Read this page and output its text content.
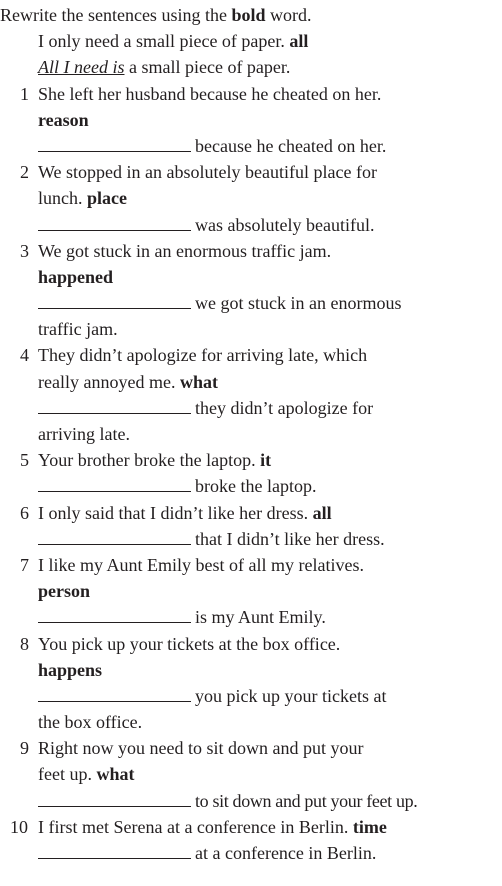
Rewrite the sentences using the bold word.
I only need a small piece of paper. all
All I need is a small piece of paper.
1 She left her husband because he cheated on her.
reason
because he cheated on her.
2 We stopped in an absolutely beautiful place for
lunch. place
was absolutely beautiful.
3 We got stuck in an enormous traffic jam.
happened
we got stuck in an enormous
traffic jam.
4 They didn’t apologize for arriving late, which
really annoyed me. what
they didn’t apologize for
arriving late.
5 Your brother broke the laptop. it
broke the laptop.
6 I only said that I didn’t like her dress. all
that I didn’t like her dress.
7 I like my Aunt Emily best of all my relatives.
person
is my Aunt Emily.
8 You pick up your tickets at the box office.
happens
you pick up your tickets at
the box office.
9 Right now you need to sit down and put your
feet up. what
to sit down and put your feet up.
10 I first met Serena at a conference in Berlin. time
at a conference in Berlin.
